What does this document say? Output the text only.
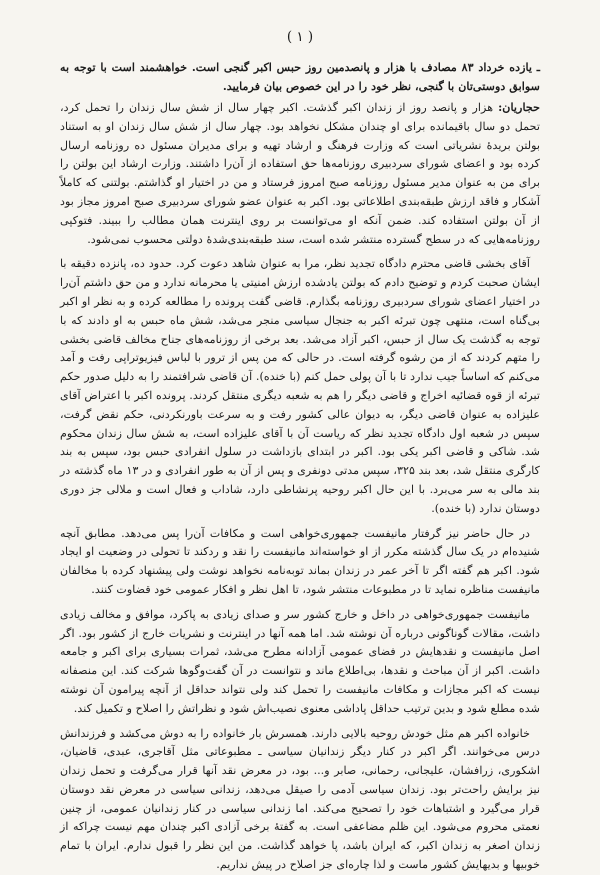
( ۱ )

ـ یازده خرداد ۸۳ مصادف با هزار و پانصدمین روز حبس اکبر گنجی است. خواهشمند است با توجه به سوابق دوستی‌تان با گنجی، نظر خود را در این خصوص بیان فرمایید.

حجاریان: هزار و پانصد روز از زندان اکبر گذشت. اکبر چهار سال از شش سال زندان را تحمل کرد، تحمل دو سال باقیمانده برای او چندان مشکل نخواهد بود. چهار سال از شش سال زندان او به استناد بولتن بریدهٔ نشریاتی است که وزارت فرهنگ و ارشاد تهیه و برای مدیران مسئول ده روزنامه ارسال کرده بود و اعضای شورای سردبیری روزنامه‌ها حق استفاده از آن‌را داشتند. وزارت ارشاد این بولتن را برای من به عنوان مدیر مسئول روزنامه صبح امروز فرستاد و من در اختیار او گذاشتم. بولتنی که کاملاً آشکار و فاقد ارزش طبقه‌بندی اطلاعاتی بود. اکبر به عنوان عضو شورای سردبیری صبح امروز مجاز بود از آن بولتن استفاده کند. ضمن آنکه او می‌توانست بر روی اینترنت همان مطالب را ببیند. فتوکپی روزنامه‌هایی که در سطح گسترده منتشر شده است، سند طبقه‌بندی‌شدهٔ دولتی محسوب نمی‌شود.

آقای بخشی قاضی محترم دادگاه تجدید نظر، مرا به عنوان شاهد دعوت کرد. حدود ده، پانزده دقیقه با ایشان صحبت کردم و توضیح دادم که بولتن یادشده ارزش امنیتی یا محرمانه ندارد و من حق داشتم آن‌را در اختیار اعضای شورای سردبیری روزنامه بگذارم. قاضی گفت پرونده را مطالعه کرده و به نظر او اکبر بی‌گناه است، منتهی چون تبرئه اکبر به جنجال سیاسی منجر می‌شد، شش ماه حبس به او دادند که با توجه به گذشت یک سال از حبس، اکبر آزاد می‌شد. بعد برخی از روزنامه‌های جناح مخالف قاضی بخشی را متهم کردند که از من رشوه گرفته است. در حالی که من پس از ترور با لباس فیزیوتراپی رفت و آمد می‌کنم که اساساً جیب ندارد تا با آن پولی حمل کنم (با خنده). آن قاضی شرافتمند را به دلیل صدور حکم تبرئه از قوه قضائیه اخراج و قاضی دیگر را هم به شعبه دیگری منتقل کردند. پرونده اکبر با اعتراض آقای علیزاده به عنوان قاضی دیگر، به دیوان عالی کشور رفت و به سرعت باورنکردنی، حکم نقض گرفت، سپس در شعبه اول دادگاه تجدید نظر که ریاست آن با آقای علیزاده است، به شش سال زندان محکوم شد. شاکی و قاضی اکبر یکی بود. اکبر در ابتدای بازداشت در سلول انفرادی حبس بود، سپس به بند کارگری منتقل شد، بعد بند ۳۲۵، سپس مدتی دونفری و پس از آن به طور انفرادی و در ۱۳ ماه گذشته در بند مالی به سر می‌برد. با این حال اکبر روحیه پرنشاطی دارد، شاداب و فعال است و ملالی جز دوری دوستان ندارد (با خنده).

در حال حاضر نیز گرفتار مانیفست جمهوری‌خواهی است و مکافات آن‌را پس می‌دهد. مطابق آنچه شنیده‌ام در یک سال گذشته مکرر از او خواسته‌اند مانیفست را نقد و ردکند تا تحولی در وضعیت او ایجاد شود. اکبر هم گفته اگر تا آخر عمر در زندان بماند توبه‌نامه نخواهد نوشت ولی پیشنهاد کرده با مخالفان مانیفست مناظره نماید تا در مطبوعات منتشر شود، تا اهل نظر و افکار عمومی خود قضاوت کنند.

مانیفست جمهوری‌خواهی در داخل و خارج کشور سر و صدای زیادی به پاکرد، موافق و مخالف زیادی داشت، مقالات گوناگونی درباره آن نوشته شد. اما همه آنها در اینترنت و نشریات خارج از کشور بود. اگر اصل مانیفست و نقدهایش در فضای عمومی آزادانه مطرح می‌شد، ثمرات بسیاری برای اکبر و جامعه داشت. اکبر از آن مباحث و نقدها، بی‌اطلاع ماند و نتوانست در آن گفت‌وگوها شرکت کند. این منصفانه نیست که اکبر مجازات و مکافات مانیفست را تحمل کند ولی نتواند حداقل از آنچه پیرامون آن نوشته شده مطلع شود و بدین ترتیب حداقل پاداشی معنوی نصیب‌اش شود و نظراتش را اصلاح و تکمیل کند.

خانواده اکبر هم مثل خودش روحیه بالایی دارند. همسرش بار خانواده را به دوش می‌کشد و فرزندانش درس می‌خوانند. اگر اکبر در کنار دیگر زندانیان سیاسی ـ مطبوعاتی مثل آقاجری، عبدی، قاضیان، اشکوری، زرافشان، علیجانی، رحمانی، صابر و... بود، در معرض نقد آنها قرار می‌گرفت و تحمل زندان نیز برایش راحت‌تر بود. زندان سیاسی آدمی را صیقل می‌دهد، زندانی سیاسی در معرض نقد دوستان قرار می‌گیرد و اشتباهات خود را تصحیح می‌کند. اما زندانی سیاسی در کنار زندانیان عمومی، از چنین نعمتی محروم می‌شود. این ظلم مضاعفی است. به گفتهٔ برخی آزادی اکبر چندان مهم نیست چراکه از زندان اصغر به زندان اکبر، که ایران باشد، پا خواهد گذاشت. من این نظر را قبول ندارم. ایران با تمام خوبیها و بدیهایش کشور ماست و لذا چاره‌ای جز اصلاح در پیش نداریم.
